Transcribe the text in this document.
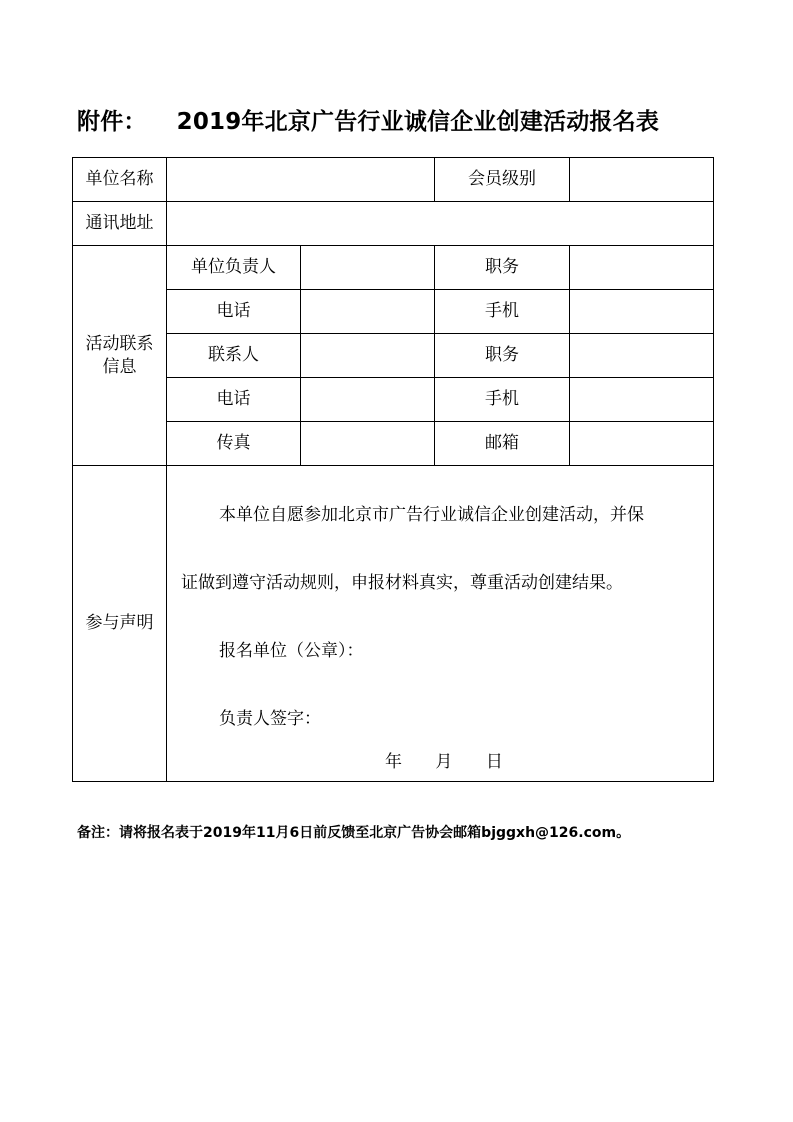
附件： 2019年北京广告行业诚信企业创建活动报名表
单位名称			会员级别	
通讯地址				

活动联系信息	单位负责人		职务	
	电话		手机	
	联系人		职务	
	电话		手机	
	传真		邮箱	
参与声明	本单位自愿参加北京市广告行业诚信企业创建活动，并保

证做到遵守活动规则，申报材料真实，尊重活动创建结果。

报名单位（公章）：

负责人签字：

年 月 日			

备注：请将报名表于2019年11月6日前反馈至北京广告协会邮箱bjggxh@126.com。
